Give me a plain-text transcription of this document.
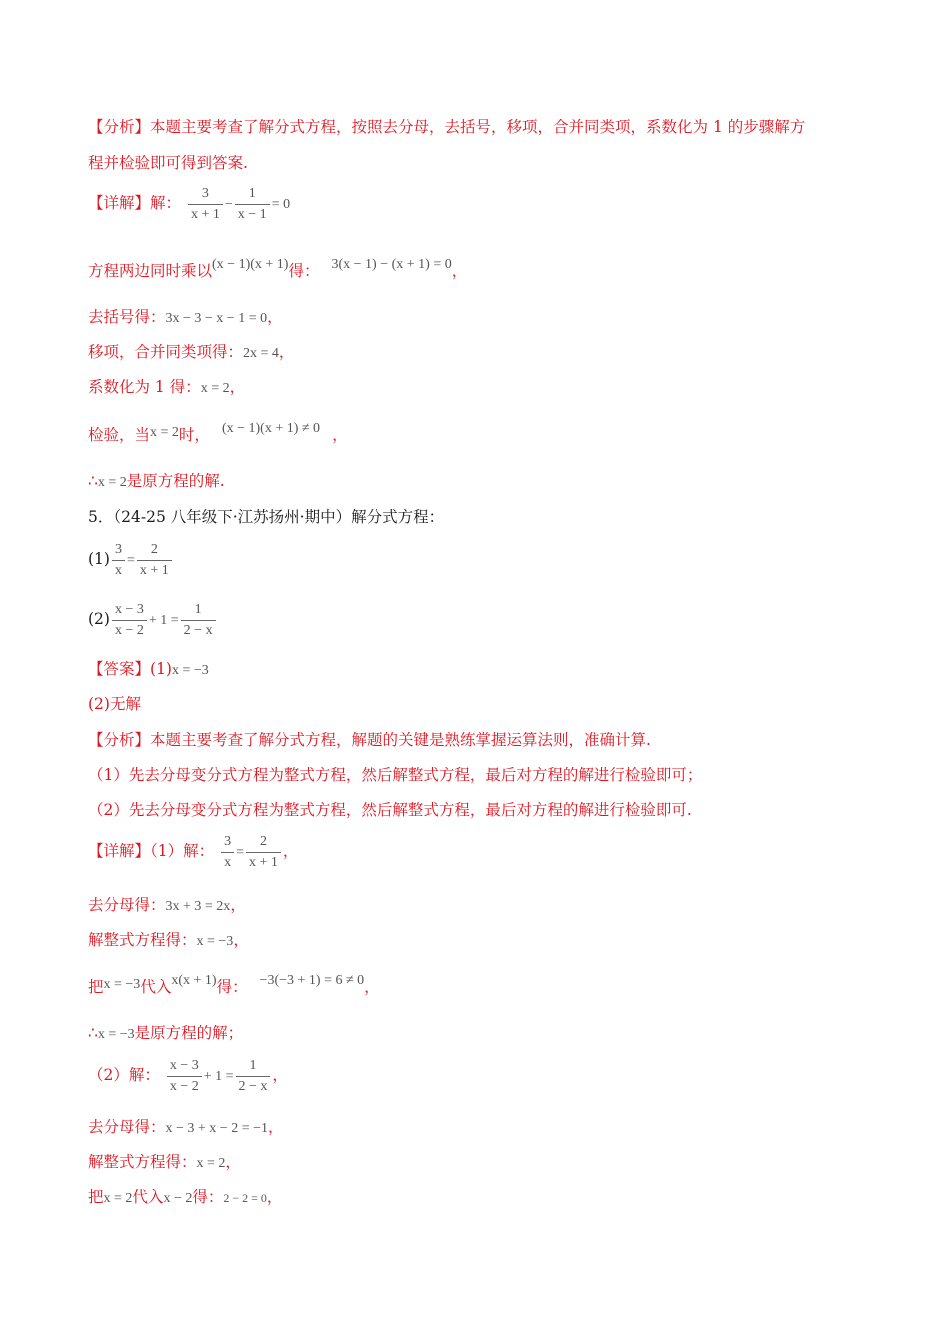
【分析】本题主要考查了解分式方程，按照去分母，去括号，移项，合并同类项，系数化为 1 的步骤解方
程并检验即可得到答案.
【详解】解： $\frac{3}{x + 1} - \frac{1}{x - 1} = 0$
方程两边同时乘以(x − 1)(x + 1)得： 3(x − 1) − (x + 1) = 0，
去括号得：3x − 3 − x − 1 = 0，
移项，合并同类项得：2x = 4，
系数化为 1 得：x = 2，
检验，当x = 2时， (x − 1)(x + 1) ≠ 0 ，
∴x = 2是原方程的解.
5．（24-25 八年级下·江苏扬州·期中）解分式方程：
$(1) \frac{3}{x} = \frac{2}{x + 1}$
$(2) \frac{x - 3}{x - 2} + 1 = \frac{1}{2 - x}$
【答案】(1)x = −3
(2)无解
【分析】本题主要考查了解分式方程，解题的关键是熟练掌握运算法则，准确计算.
（1）先去分母变分式方程为整式方程，然后解整式方程，最后对方程的解进行检验即可；
（2）先去分母变分式方程为整式方程，然后解整式方程，最后对方程的解进行检验即可.
【详解】（1）解： $\frac{3}{x} = \frac{2}{x + 1}$ ，
去分母得：3x + 3 = 2x，
解整式方程得：x = −3，
把x = −3代入x(x + 1)得： −3(−3 + 1) = 6 ≠ 0，
∴x = −3是原方程的解；
（2）解： $\frac{x - 3}{x - 2} + 1 = \frac{1}{2 - x}$ ，
去分母得：x − 3 + x − 2 = −1，
解整式方程得：x = 2，
把x = 2代入x − 2得：2 − 2 = 0，
